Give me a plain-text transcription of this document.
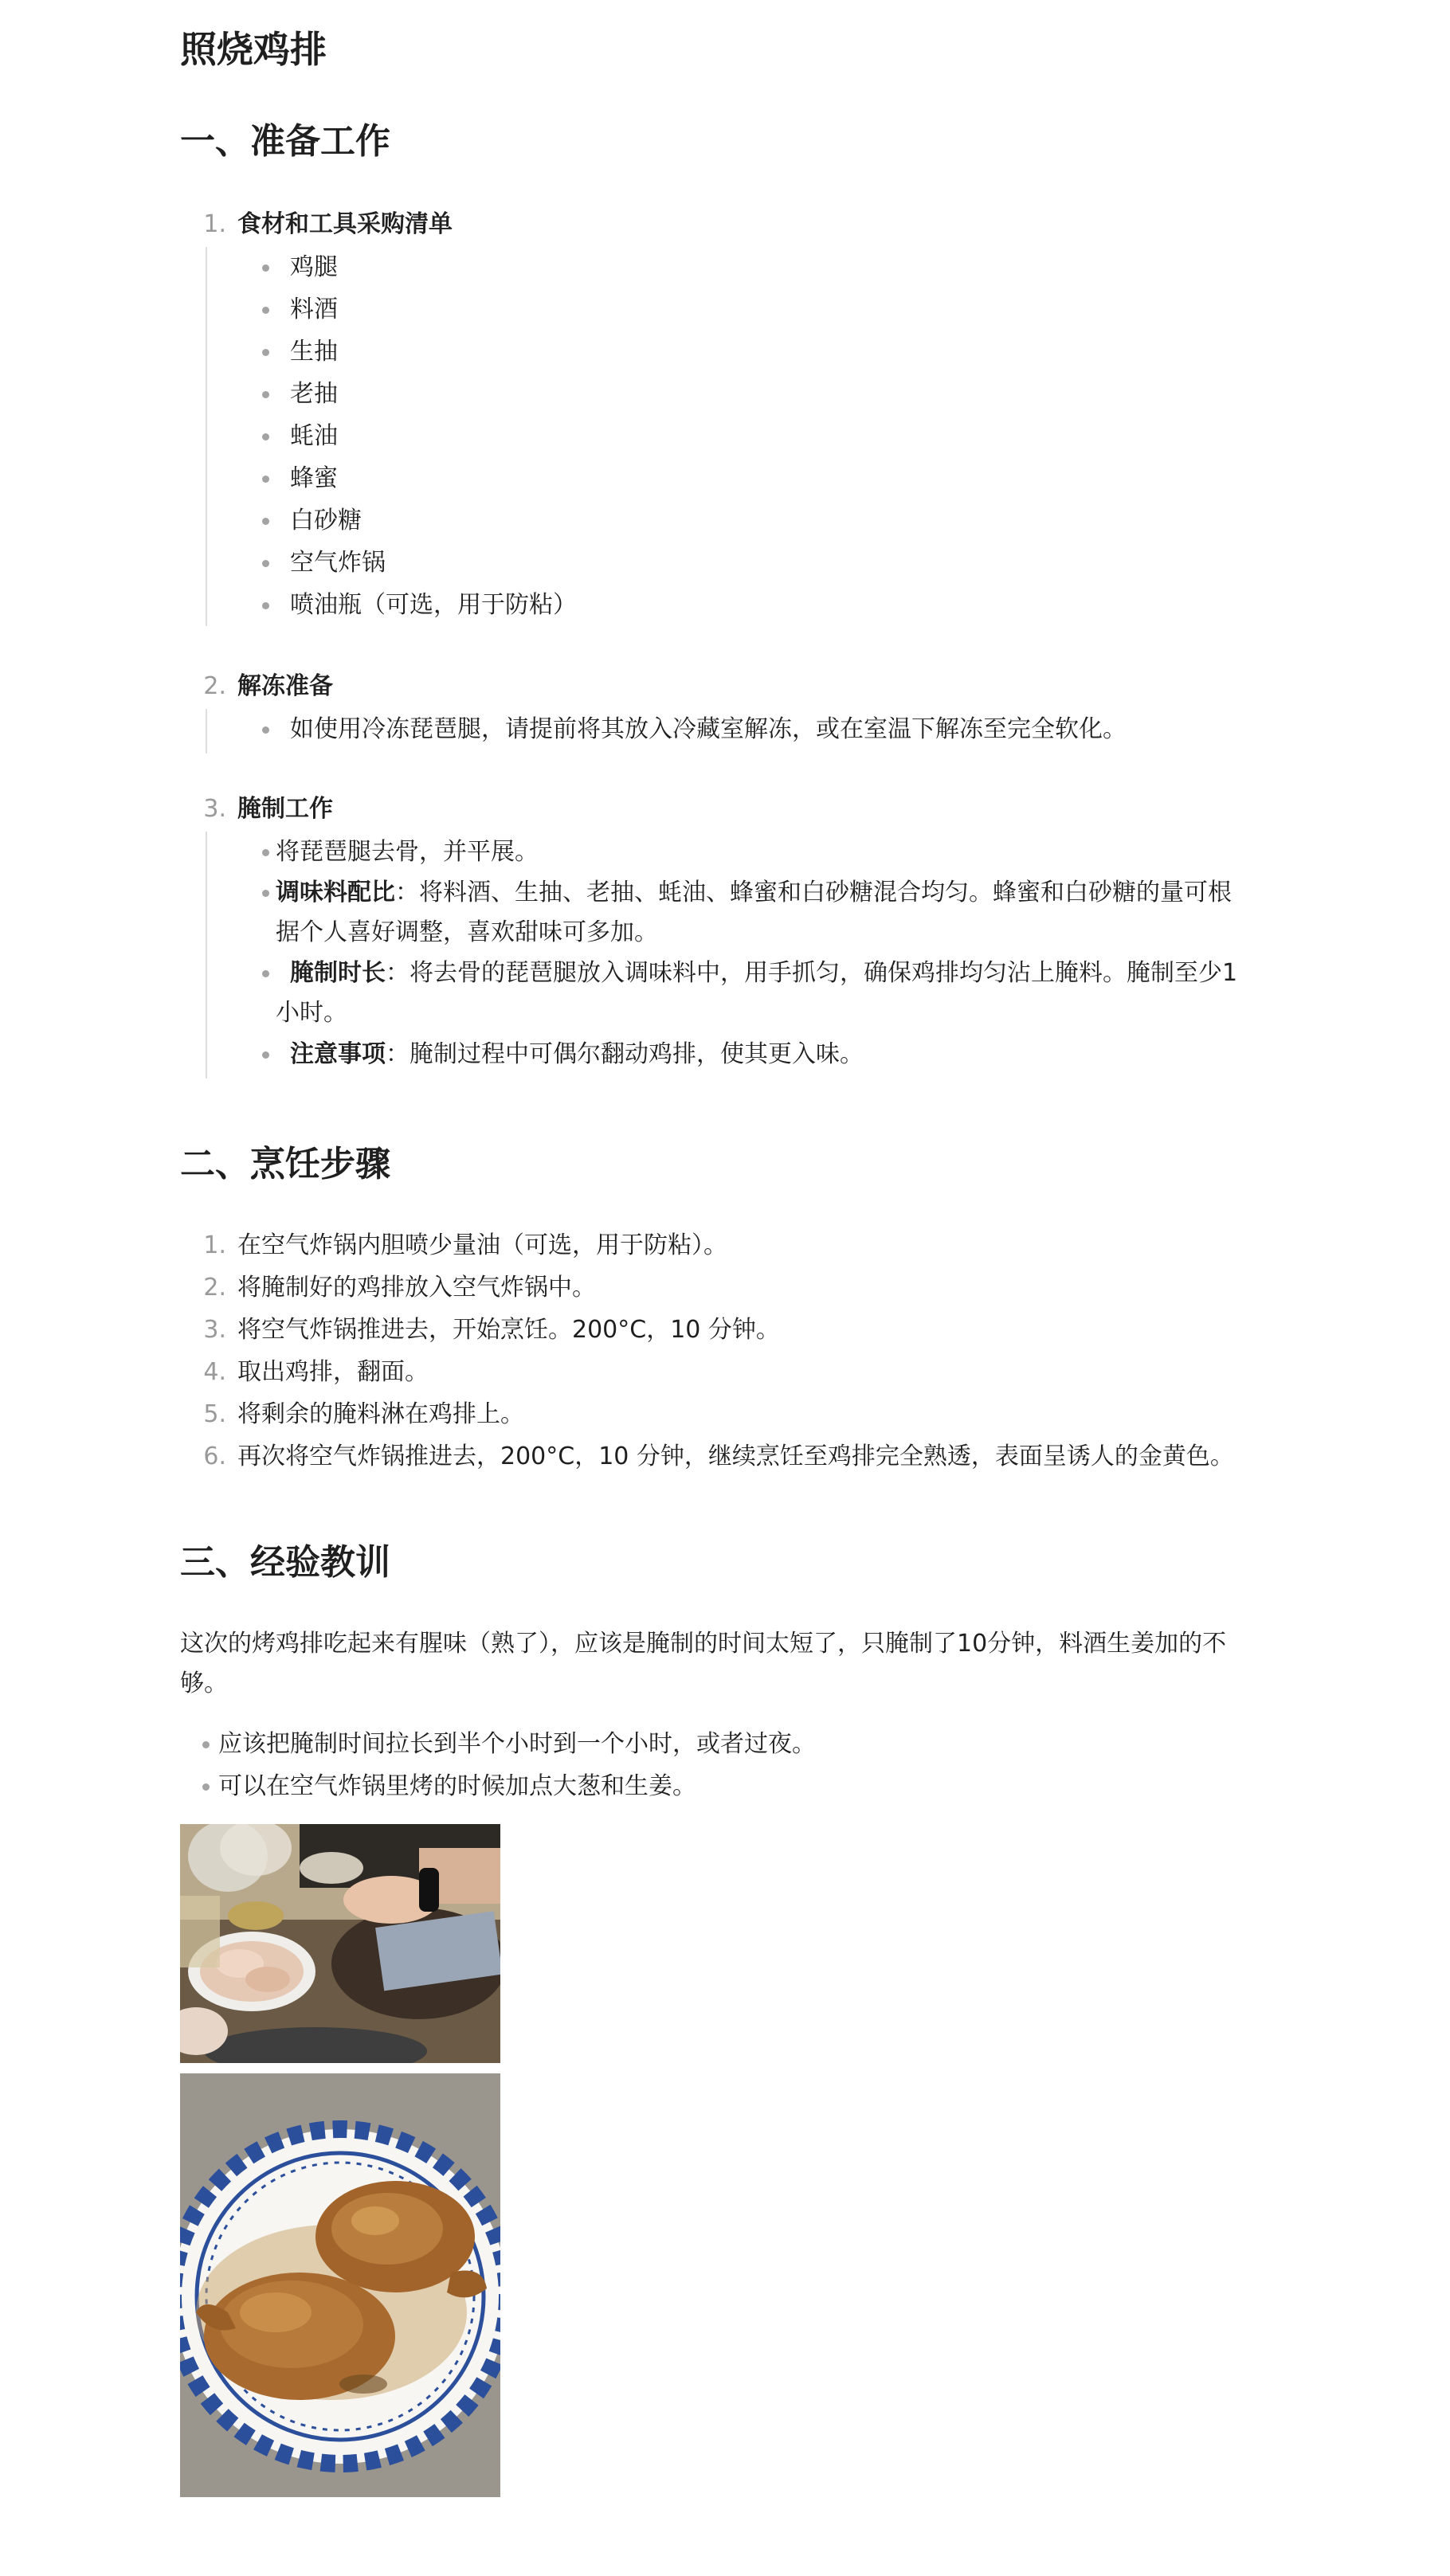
照烧鸡排
一、准备工作
1. 食材和工具采购清单
鸡腿
料酒
生抽
老抽
蚝油
蜂蜜
白砂糖
空气炸锅
喷油瓶（可选，用于防粘）
2. 解冻准备
如使用冷冻琵琶腿，请提前将其放入冷藏室解冻，或在室温下解冻至完全软化。
3. 腌制工作
将琵琶腿去骨，并平展。
调味料配比：将料酒、生抽、老抽、蚝油、蜂蜜和白砂糖混合均匀。蜂蜜和白砂糖的量可根
据个人喜好调整，喜欢甜味可多加。
腌制时长：将去骨的琵琶腿放入调味料中，用手抓匀，确保鸡排均匀沾上腌料。腌制至少1
小时。
注意事项：腌制过程中可偶尔翻动鸡排，使其更入味。
二、烹饪步骤
1. 在空气炸锅内胆喷少量油（可选，用于防粘）。
2. 将腌制好的鸡排放入空气炸锅中。
3. 将空气炸锅推进去，开始烹饪。200°C，10 分钟。
4. 取出鸡排，翻面。
5. 将剩余的腌料淋在鸡排上。
6. 再次将空气炸锅推进去，200°C，10 分钟，继续烹饪至鸡排完全熟透，表面呈诱人的金黄色。
三、经验教训
这次的烤鸡排吃起来有腥味（熟了），应该是腌制的时间太短了，只腌制了10分钟，料酒生姜加的不
够。
应该把腌制时间拉长到半个小时到一个小时，或者过夜。
可以在空气炸锅里烤的时候加点大葱和生姜。
